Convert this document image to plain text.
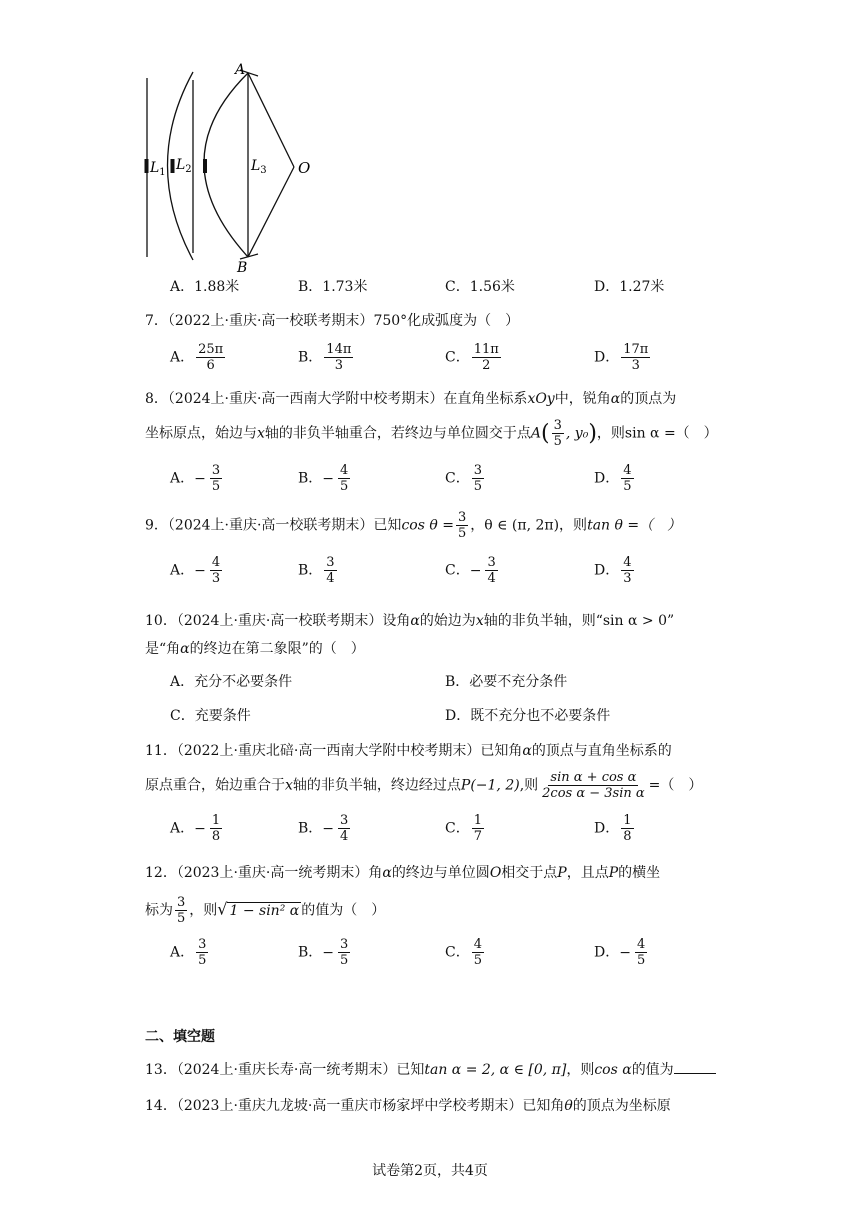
A
B
O
$L_1$ $L_2$	$L_3$
A．1.88米	B．1.73米	C．1.56米	D．1.27米
7．（2022上·重庆·高一校联考期末）750°化成弧度为（　）
A． $\frac{25\pi}{6}$	B． $\frac{14\pi}{3}$	C． $\frac{11\pi}{2}$	D． $\frac{17\pi}{3}$
8．（2024上·重庆·高一西南大学附中校考期末）在直角坐标系xOy中，锐角α的顶点为
坐标原点，始边与x轴的非负半轴重合，若终边与单位圆交于点$A( \frac{3}{5}$ , y₀)，则sin α =（　）
A．− $\frac{3}{5}$	B．− $\frac{4}{5}$	C． $\frac{3}{5}$	D． $\frac{4}{5}$
9．（2024上·重庆·高一校联考期末）已知$\cos \theta = \frac{3}{5}$ ，θ ∈ (π, 2π)，则tan θ =（　）
A．− $\frac{4}{3}$	B． $\frac{3}{4}$	C．− $\frac{3}{4}$	D． $\frac{4}{3}$
10．（2024上·重庆·高一校联考期末）设角α的始边为x轴的非负半轴，则“sin α > 0”
是“角α的终边在第二象限”的（　）
A．充分不必要条件	B．必要不充分条件
C．充要条件	D．既不充分也不必要条件
11．（2022上·重庆北碚·高一西南大学附中校考期末）已知角α的顶点与直角坐标系的
原点重合，始边重合于x轴的非负半轴，终边经过点P(−1, 2),则 $\frac{\text{sin α + cos α}}{\text{2cos α − 3sin α}}$ =（　）
A．− $\frac{1}{8}$	B．− $\frac{3}{4}$	C． $\frac{1}{7}$	D． $\frac{1}{8}$
12．（2023上·重庆·高一统考期末）角α的终边与单位圆O相交于点P，且点P的横坐
标为 $\frac{3}{5}$ ，则√ 1 − sin² α 的值为（　）
A． $\frac{3}{5}$	B．− $\frac{3}{5}$	C． $\frac{4}{5}$	D．− $\frac{4}{5}$
二、填空题
13．（2024上·重庆长寿·高一统考期末）已知tan α = 2, α ∈ [0, π]，则cos α的值为
14．（2023上·重庆九龙坡·高一重庆市杨家坪中学校考期末）已知角θ的顶点为坐标原
试卷第2页，共4页
